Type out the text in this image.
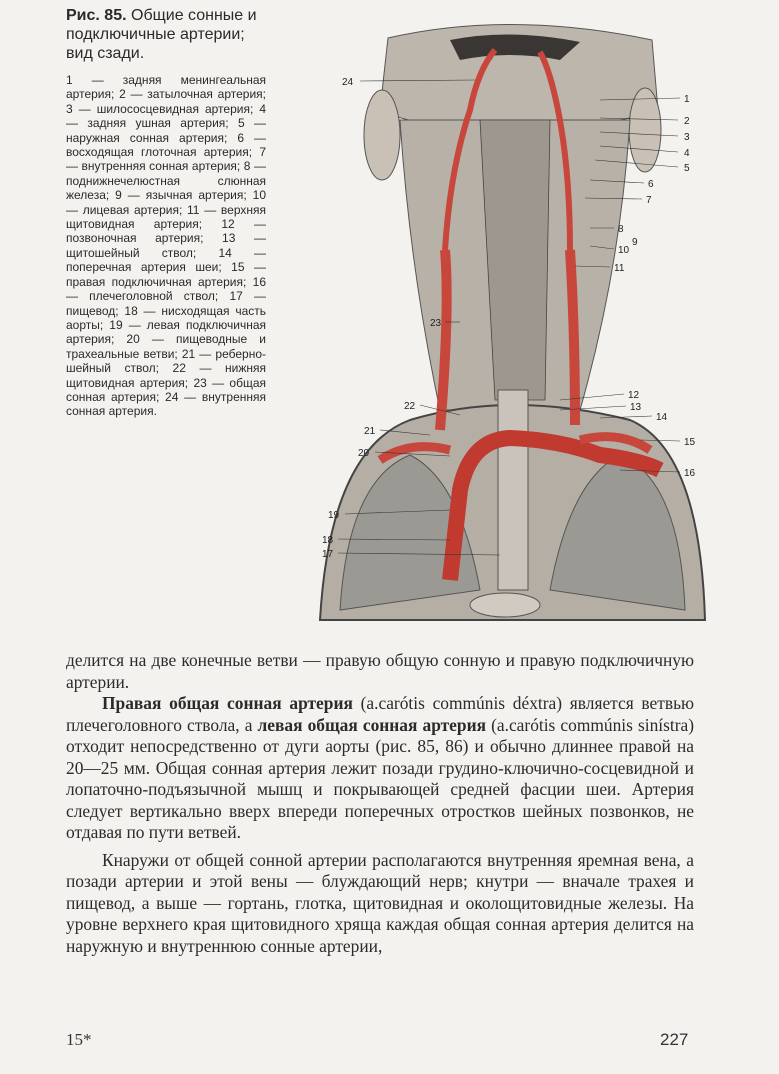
Рис. 85. Общие сонные и подключичные артерии; вид сзади.

1 — задняя менингеальная артерия; 2 — затылочная артерия; 3 — шилососцевидная артерия; 4 — задняя ушная артерия; 5 — наружная сонная артерия; 6 — восходящая глоточная артерия; 7 — внутренняя сонная артерия; 8 — поднижнечелюстная слюнная железа; 9 — язычная артерия; 10 — лицевая артерия; 11 — верхняя щитовидная артерия; 12 — позвоночная артерия; 13 — щитошейный ствол; 14 — поперечная артерия шеи; 15 — правая подключичная артерия; 16 — плечеголовной ствол; 17 — пищевод; 18 — нисходящая часть аорты; 19 — левая подключичная артерия; 20 — пищеводные и трахеальные ветви; 21 — реберно-шейный ствол; 22 — нижняя щитовидная артерия; 23 — общая сонная артерия; 24 — внутренняя сонная артерия.

1
2
3
4
5
6
7
8
9
10
11
12
13
14
15
16
24
23
22
21
20
19
18
17

делится на две конечные ветви — правую общую сонную и правую подключичную артерии.

Правая общая сонная артерия (a.carótis commúnis déxtra) является ветвью плечеголовного ствола, а левая общая сонная артерия (a.carótis commúnis sinístra) отходит непосредственно от дуги аорты (рис. 85, 86) и обычно длиннее правой на 20—25 мм. Общая сонная артерия лежит позади грудино-ключично-сосцевидной и лопаточно-подъязычной мышц и покрывающей средней фасции шеи. Артерия следует вертикально вверх впереди поперечных отростков шейных позвонков, не отдавая по пути ветвей.

Кнаружи от общей сонной артерии располагаются внутренняя яремная вена, а позади артерии и этой вены — блуждающий нерв; кнутри — вначале трахея и пищевод, а выше — гортань, глотка, щитовидная и околощитовидные железы. На уровне верхнего края щитовидного хряща каждая общая сонная артерия делится на наружную и внутреннюю сонные артерии,

15*	227
